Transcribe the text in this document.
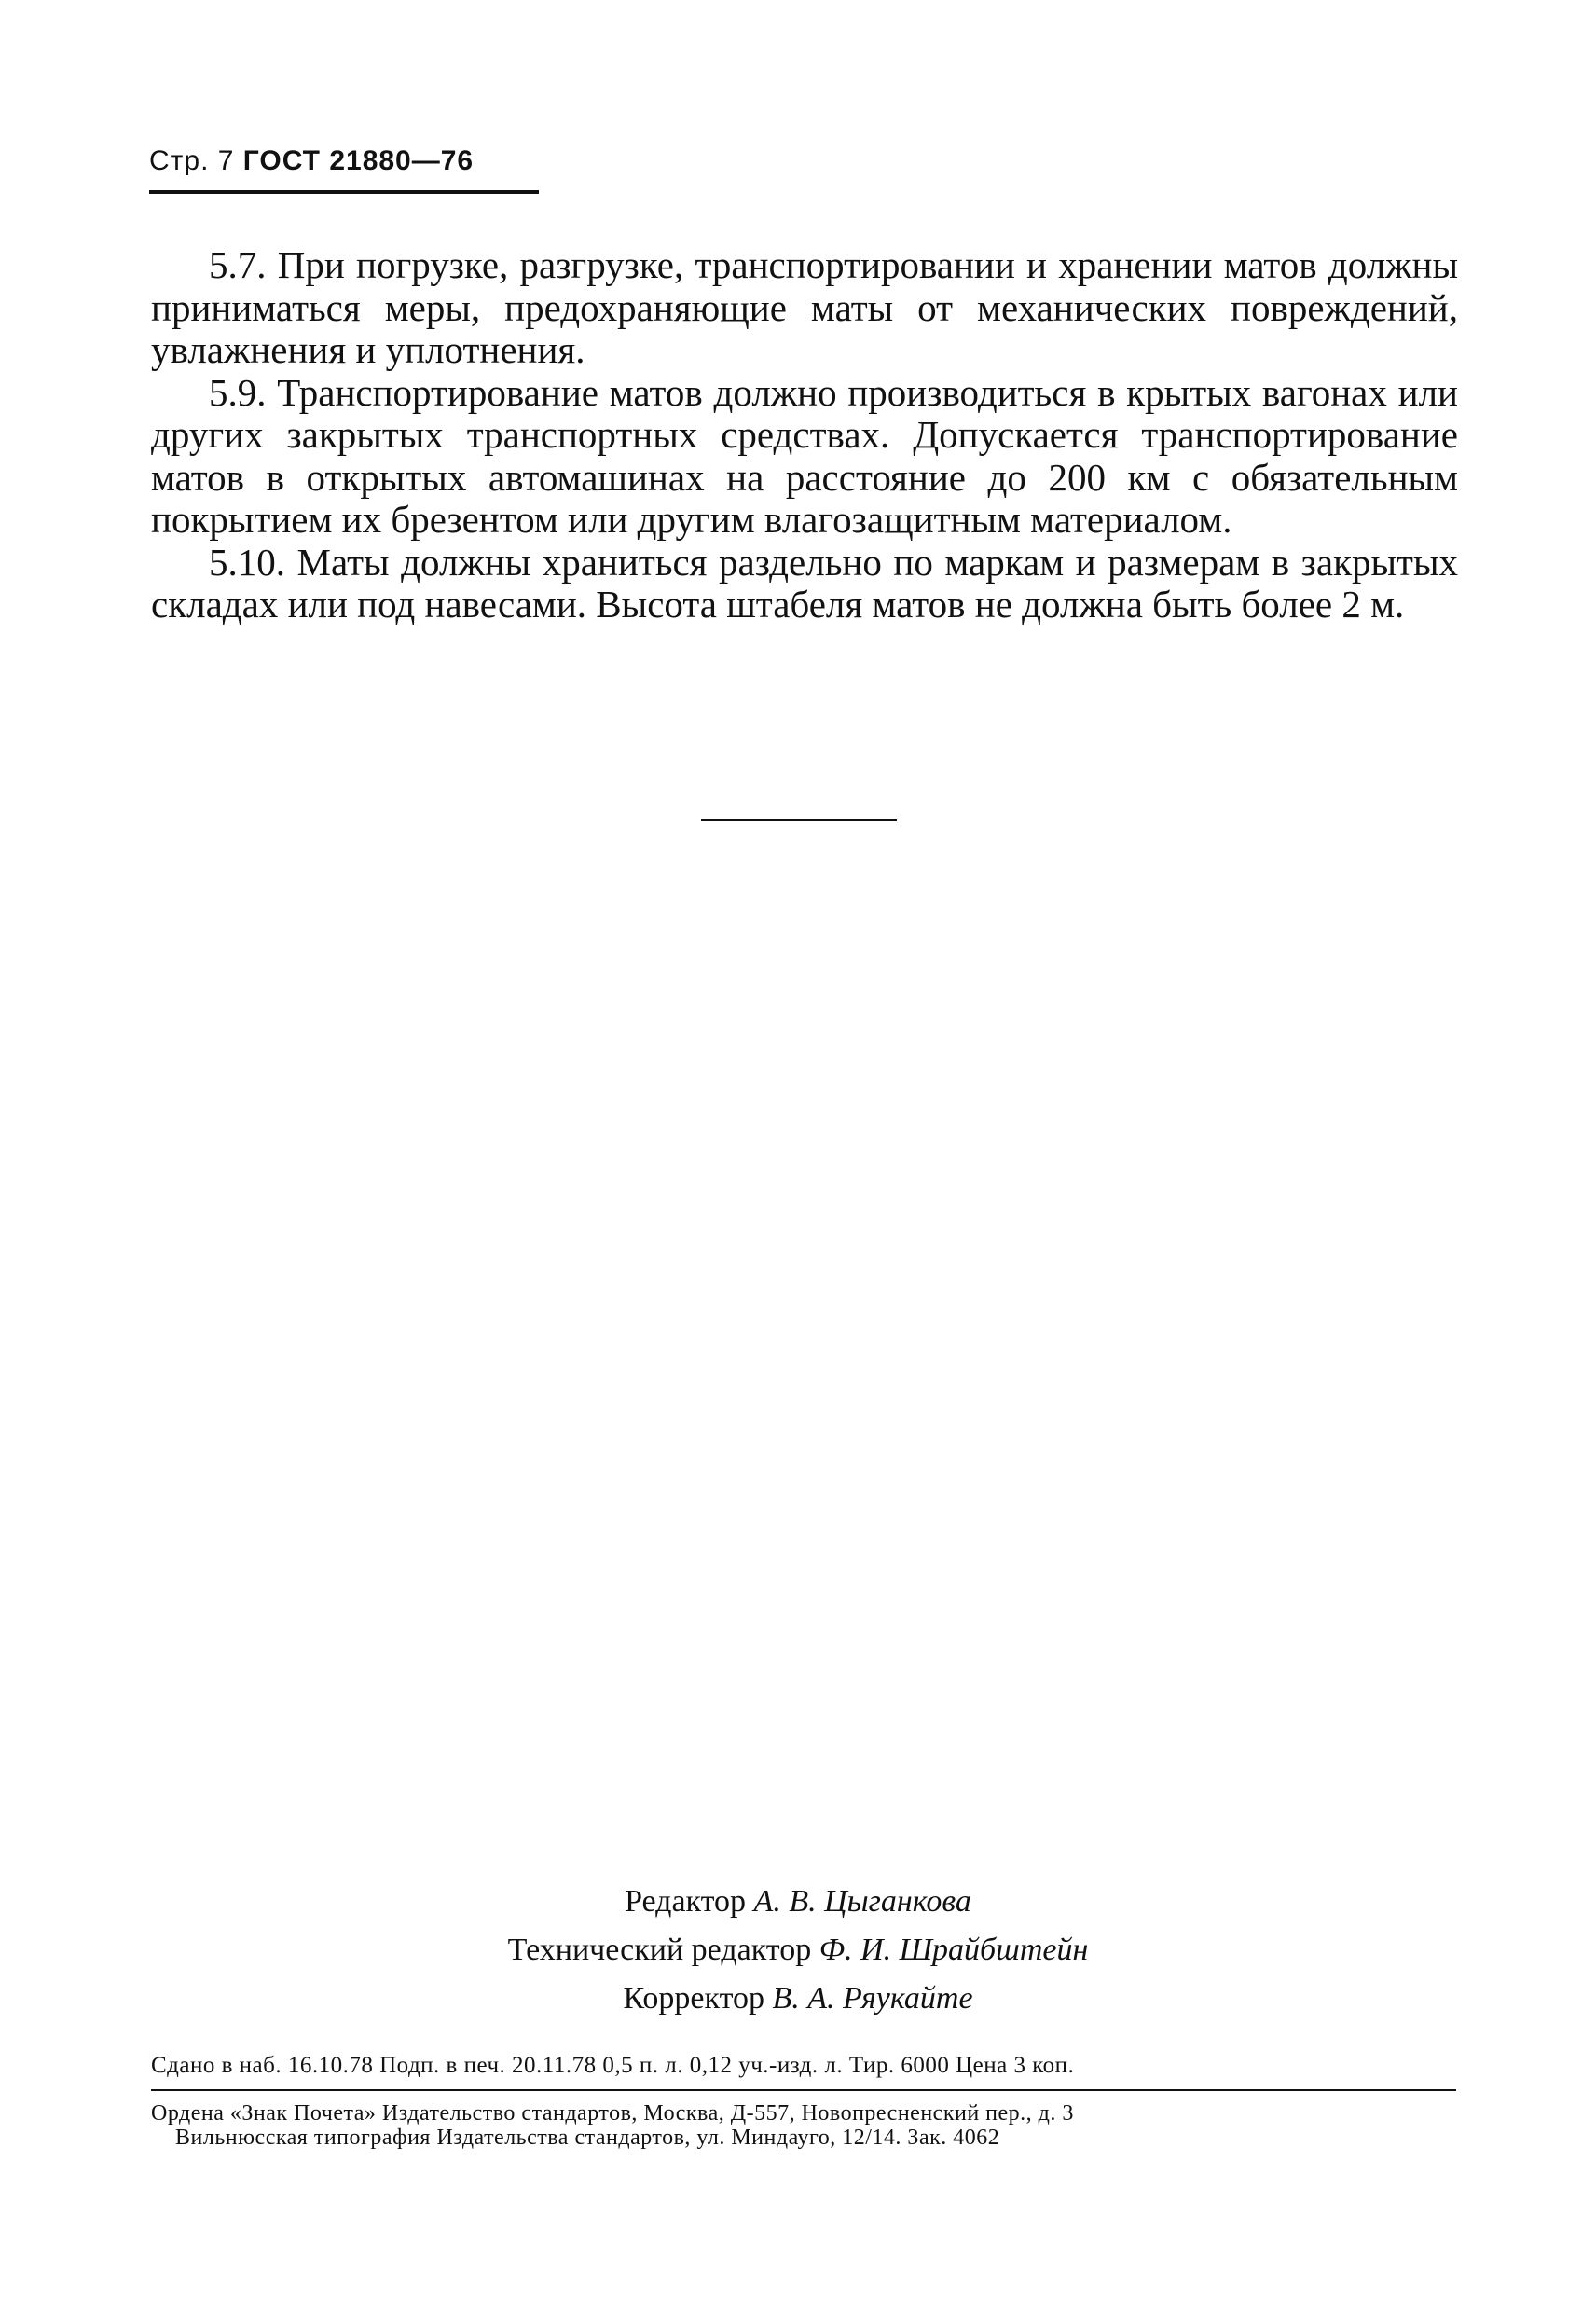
Стр. 7 ГОСТ 21880—76

5.7. При погрузке, разгрузке, транспортировании и хранении матов должны приниматься меры, предохраняющие маты от механических повреждений, увлажнения и уплотнения.

5.9. Транспортирование матов должно производиться в крытых вагонах или других закрытых транспортных средствах. Допускается транспортирование матов в открытых автомашинах на расстояние до 200 км с обязательным покрытием их брезентом или другим влагозащитным материалом.

5.10. Маты должны храниться раздельно по маркам и размерам в закрытых складах или под навесами. Высота штабеля матов не должна быть более 2 м.

Редактор А. В. Цыганкова
Технический редактор Ф. И. Шрайбштейн
Корректор В. А. Ряукайте
Сдано в наб. 16.10.78 Подп. в печ. 20.11.78 0,5 п. л. 0,12 уч.-изд. л. Тир. 6000 Цена 3 коп.
Ордена «Знак Почета» Издательство стандартов, Москва, Д-557, Новопресненский пер., д. 3
Вильнюсская типография Издательства стандартов, ул. Миндауго, 12/14. Зак. 4062
